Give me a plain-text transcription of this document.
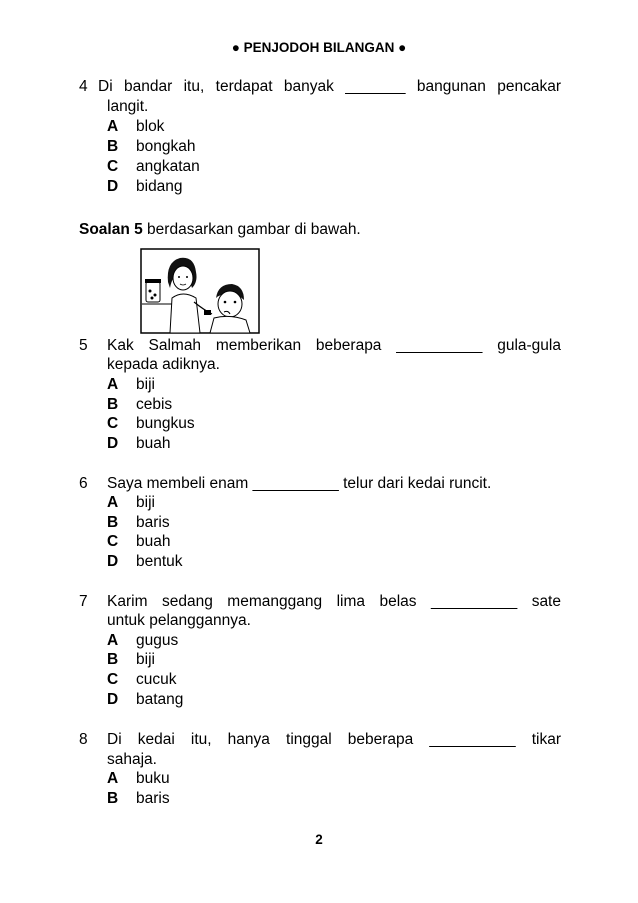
● PENJODOH BILANGAN ●
4 Di bandar itu, terdapat banyak _______ bangunan pencakar
langit.
A blok
B bongkah
C angkatan
D bidang
Soalan 5 berdasarkan gambar di bawah.
5 Kak Salmah memberikan beberapa __________ gula-gula
kepada adiknya.
A biji
B cebis
C bungkus
D buah
6 Saya membeli enam __________ telur dari kedai runcit.
A biji
B baris
C buah
D bentuk
7 Karim sedang memanggang lima belas __________ sate
untuk pelanggannya.
A gugus
B biji
C cucuk
D batang
8 Di kedai itu, hanya tinggal beberapa __________ tikar
sahaja.
A buku
B baris
2
